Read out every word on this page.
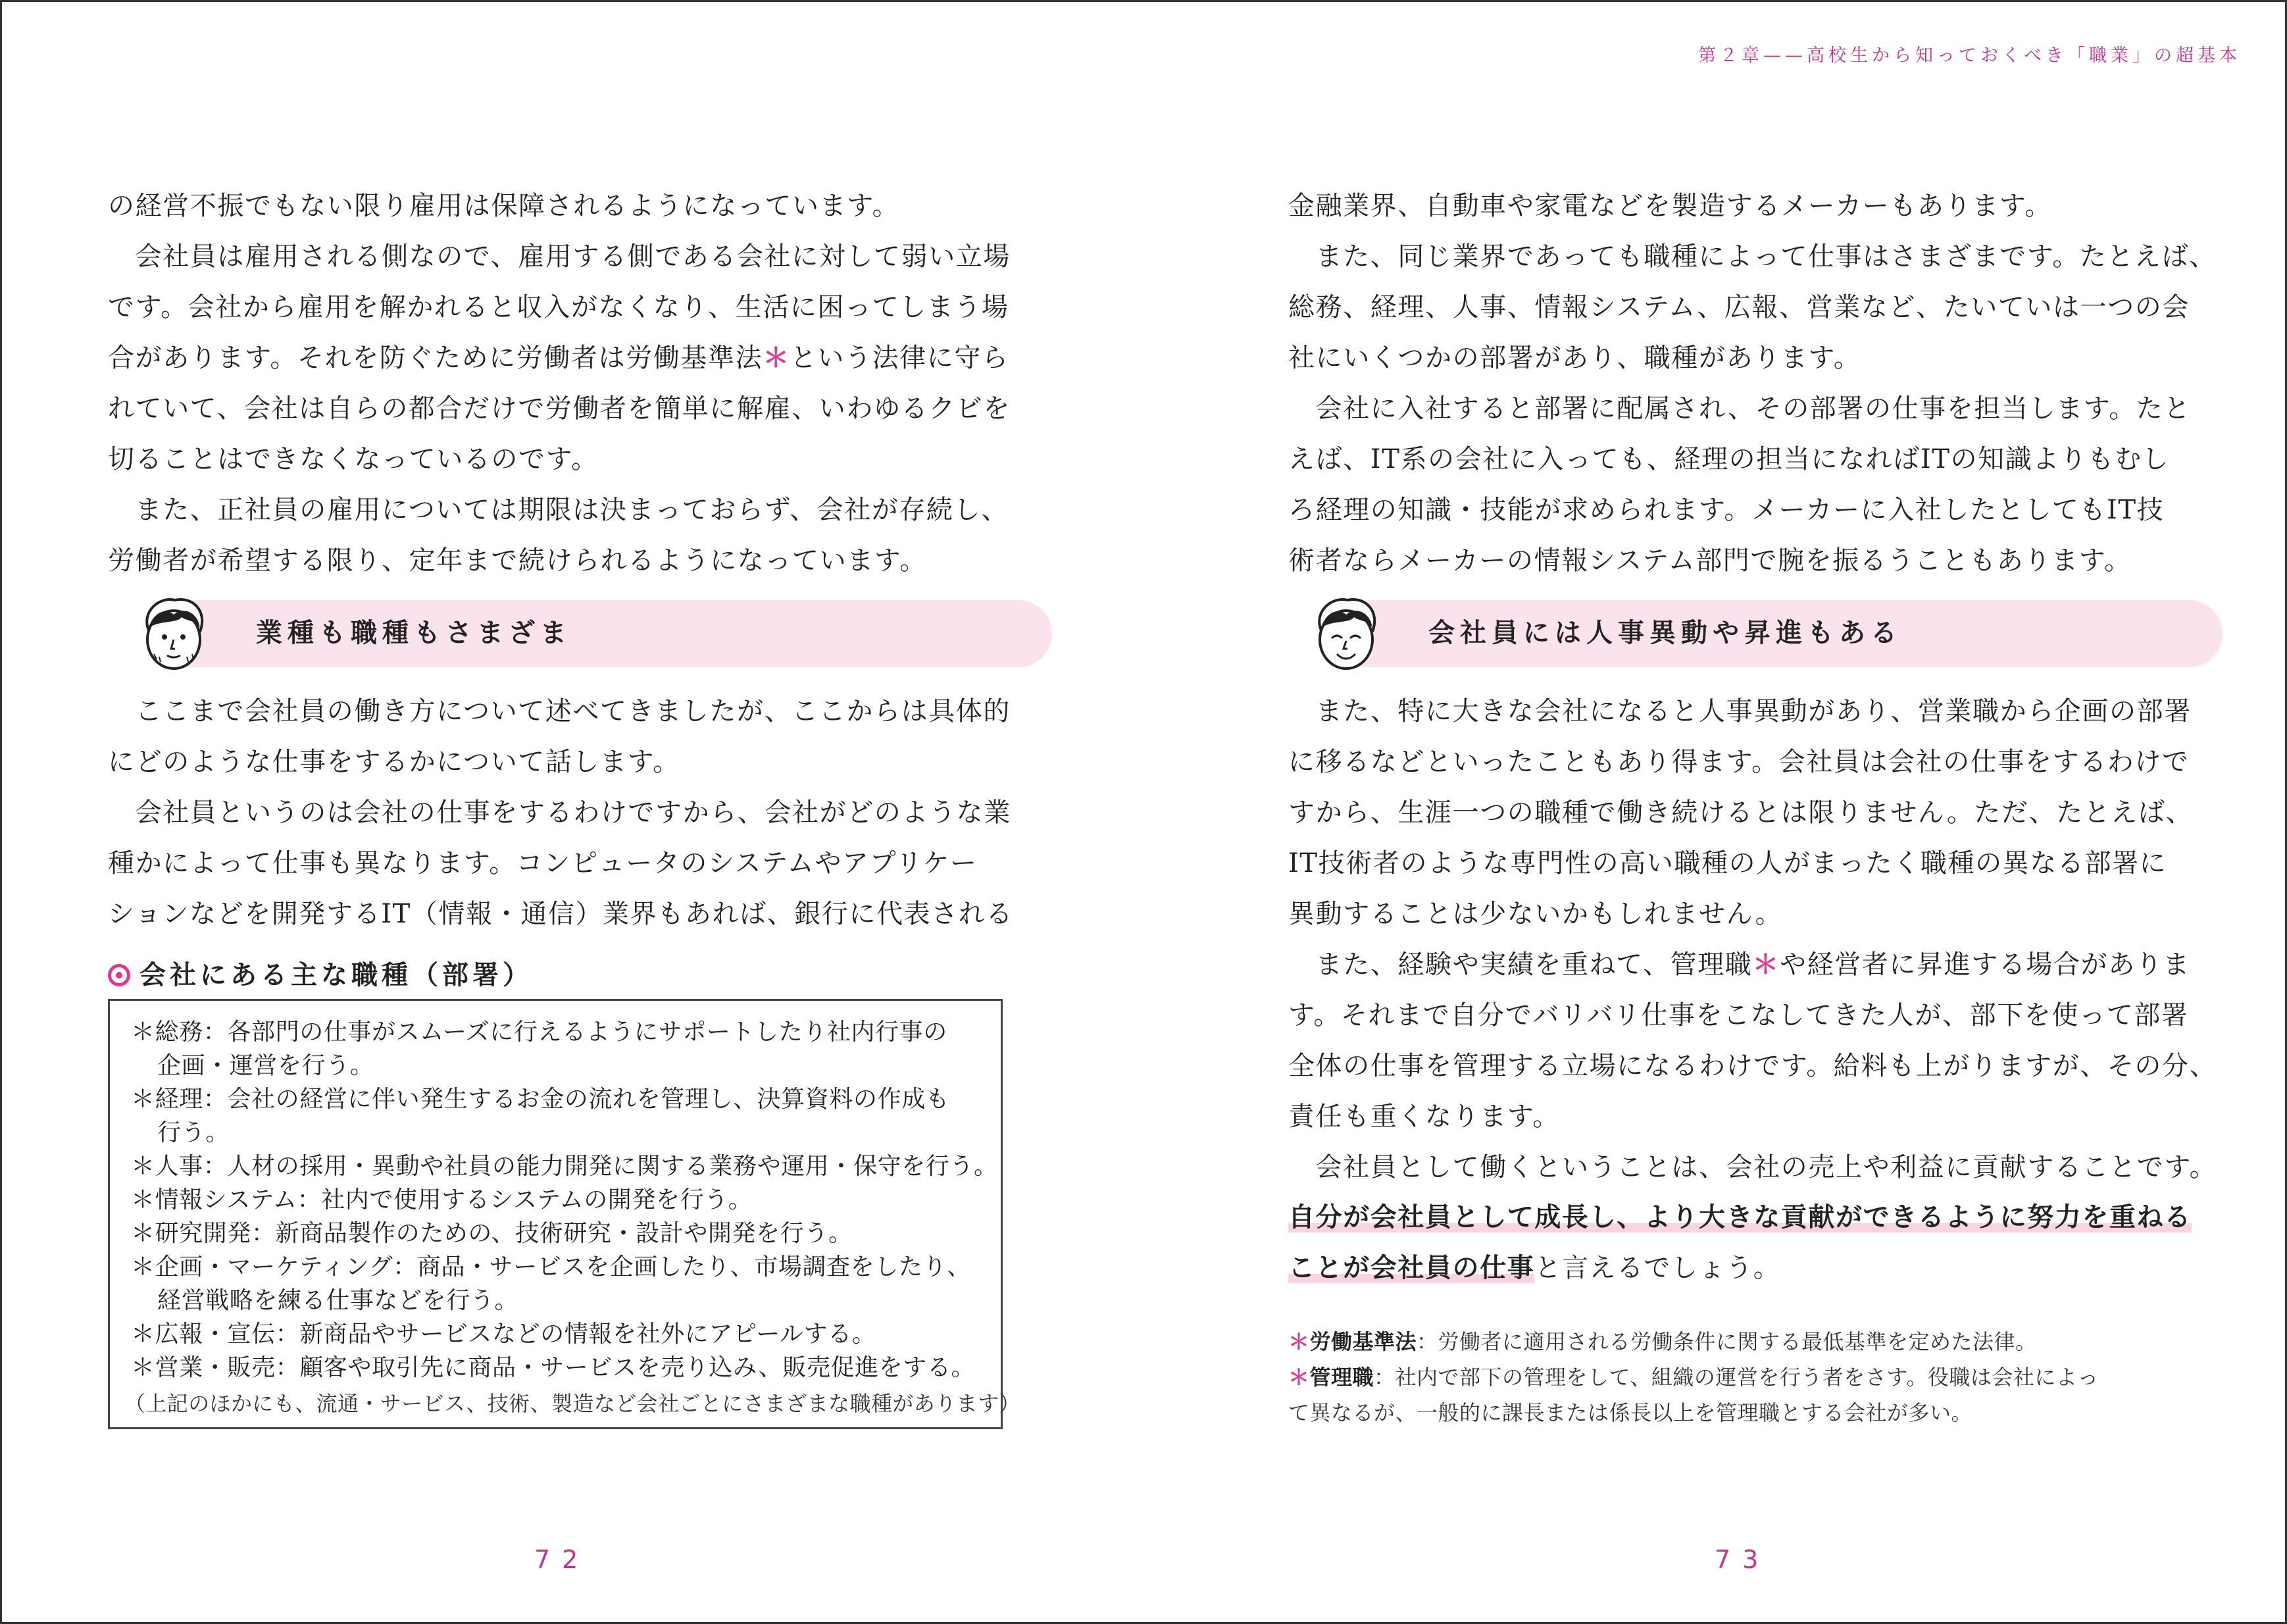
第２章——高校生から知っておくべき「職業」の超基本

の経営不振でもない限り雇用は保障されるようになっています。

　会社員は雇用される側なので、雇用する側である会社に対して弱い立場

です。会社から雇用を解かれると収入がなくなり、生活に困ってしまう場

合があります。それを防ぐために労働者は労働基準法＊という法律に守ら

れていて、会社は自らの都合だけで労働者を簡単に解雇、いわゆるクビを

切ることはできなくなっているのです。

　また、正社員の雇用については期限は決まっておらず、会社が存続し、

労働者が希望する限り、定年まで続けられるようになっています。

業種も職種もさまざま

　ここまで会社員の働き方について述べてきましたが、ここからは具体的

にどのような仕事をするかについて話します。

　会社員というのは会社の仕事をするわけですから、会社がどのような業

種かによって仕事も異なります。コンピュータのシステムやアプリケー

ションなどを開発するIT（情報・通信）業界もあれば、銀行に代表される

会社にある主な職種（部署）
＊総務：各部門の仕事がスムーズに行えるようにサポートしたり社内行事の
企画・運営を行う。
＊経理：会社の経営に伴い発生するお金の流れを管理し、決算資料の作成も
行う。
＊人事：人材の採用・異動や社員の能力開発に関する業務や運用・保守を行う。
＊情報システム：社内で使用するシステムの開発を行う。
＊研究開発：新商品製作のための、技術研究・設計や開発を行う。
＊企画・マーケティング：商品・サービスを企画したり、市場調査をしたり、
経営戦略を練る仕事などを行う。
＊広報・宣伝：新商品やサービスなどの情報を社外にアピールする。
＊営業・販売：顧客や取引先に商品・サービスを売り込み、販売促進をする。
（上記のほかにも、流通・サービス、技術、製造など会社ごとにさまざまな職種があります）
72

金融業界、自動車や家電などを製造するメーカーもあります。

　また、同じ業界であっても職種によって仕事はさまざまです。たとえば、

総務、経理、人事、情報システム、広報、営業など、たいていは一つの会

社にいくつかの部署があり、職種があります。

　会社に入社すると部署に配属され、その部署の仕事を担当します。たと

えば、IT系の会社に入っても、経理の担当になればITの知識よりもむし

ろ経理の知識・技能が求められます。メーカーに入社したとしてもIT技

術者ならメーカーの情報システム部門で腕を振るうこともあります。

会社員には人事異動や昇進もある

　また、特に大きな会社になると人事異動があり、営業職から企画の部署

に移るなどといったこともあり得ます。会社員は会社の仕事をするわけで

すから、生涯一つの職種で働き続けるとは限りません。ただ、たとえば、

IT技術者のような専門性の高い職種の人がまったく職種の異なる部署に

異動することは少ないかもしれません。

　また、経験や実績を重ねて、管理職＊や経営者に昇進する場合がありま

す。それまで自分でバリバリ仕事をこなしてきた人が、部下を使って部署

全体の仕事を管理する立場になるわけです。給料も上がりますが、その分、

責任も重くなります。

　会社員として働くということは、会社の売上や利益に貢献することです。

自分が会社員として成長し、より大きな貢献ができるように努力を重ねる

ことが会社員の仕事と言えるでしょう。

＊労働基準法：労働者に適用される労働条件に関する最低基準を定めた法律。
＊管理職：社内で部下の管理をして、組織の運営を行う者をさす。役職は会社によっ
て異なるが、一般的に課長または係長以上を管理職とする会社が多い。
73
